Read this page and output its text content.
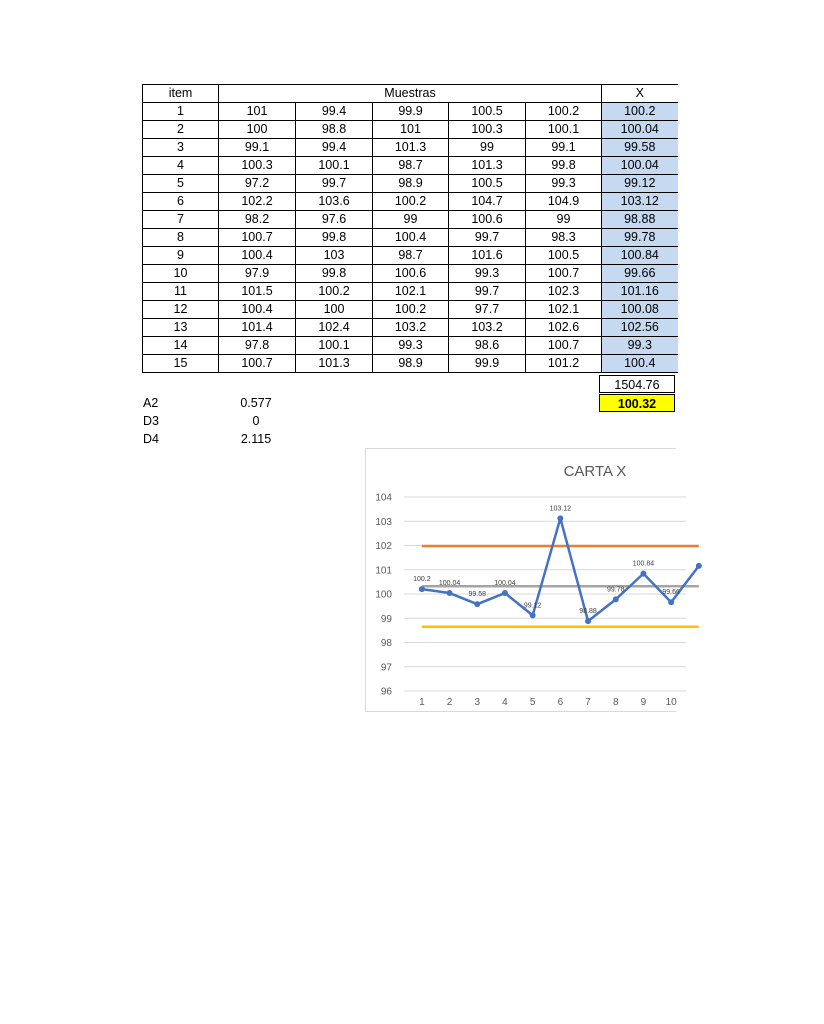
item	Muestras					X
1	101	99.4	99.9	100.5	100.2	100.2
2	100	98.8	101	100.3	100.1	100.04
3	99.1	99.4	101.3	99	99.1	99.58
4	100.3	100.1	98.7	101.3	99.8	100.04
5	97.2	99.7	98.9	100.5	99.3	99.12
6	102.2	103.6	100.2	104.7	104.9	103.12
7	98.2	97.6	99	100.6	99	98.88
8	100.7	99.8	100.4	99.7	98.3	99.78
9	100.4	103	98.7	101.6	100.5	100.84
10	97.9	99.8	100.6	99.3	100.7	99.66
11	101.5	100.2	102.1	99.7	102.3	101.16
12	100.4	100	100.2	97.7	102.1	100.08
13	101.4	102.4	103.2	103.2	102.6	102.56
14	97.8	100.1	99.3	98.6	100.7	99.3
15	100.7	101.3	98.9	99.9	101.2	100.4
1504.76
100.32
A2	0.577
D3	0
D4	2.115
CARTA X
96
97
98
99
100
101
102
103
104
1 2 3 4 5 6 7 8 9 10
100.2
100.04
99.58
100.04
99.12
103.12
98.88
99.78
100.84
99.66
